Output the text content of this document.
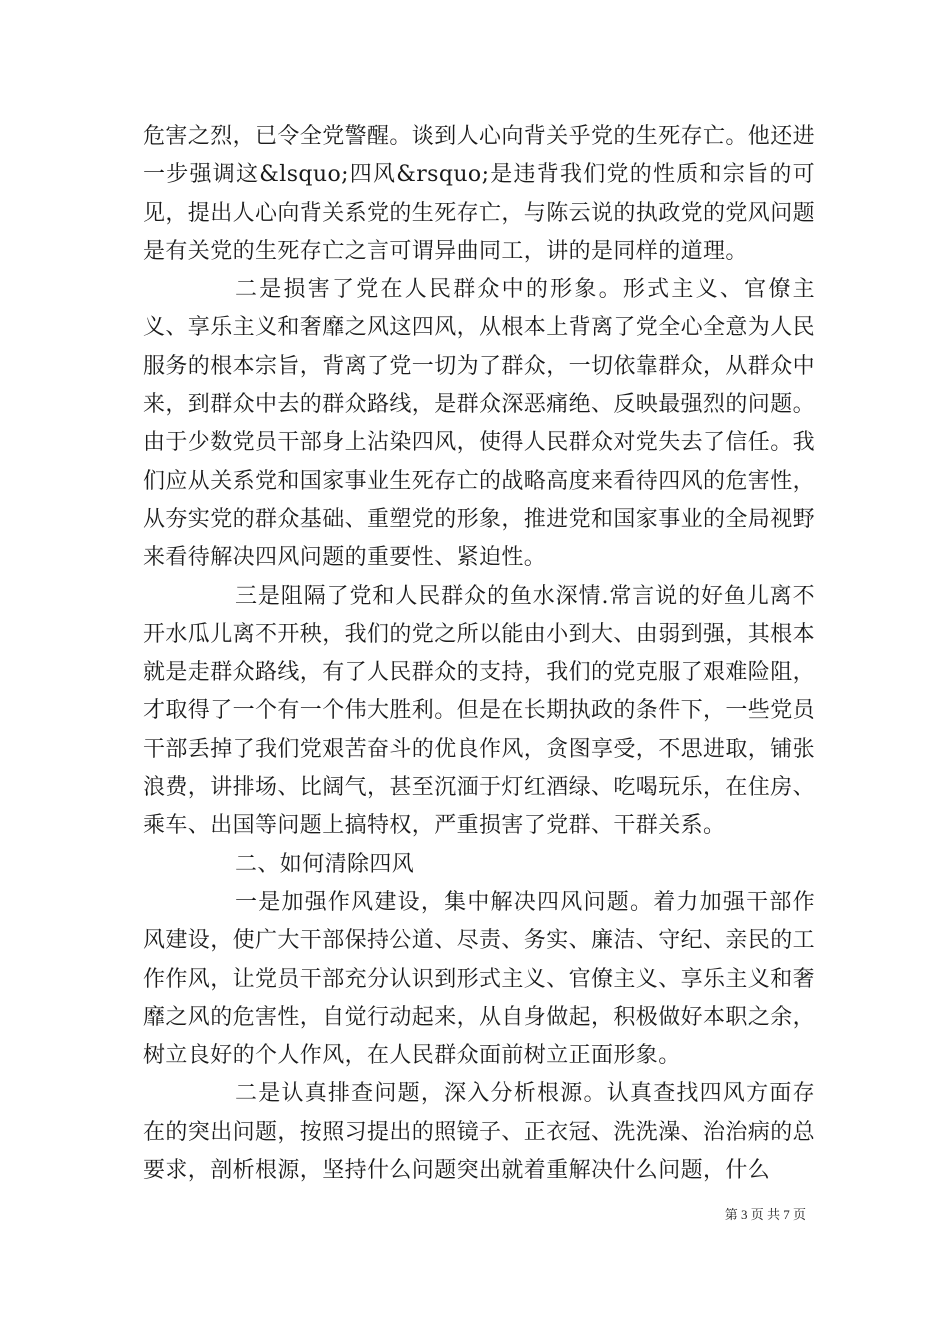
危害之烈，已令全党警醒。谈到人心向背关乎党的生死存亡。他还进一步强调这&lsquo;四风&rsquo;是违背我们党的性质和宗旨的可见，提出人心向背关系党的生死存亡，与陈云说的执政党的党风问题是有关党的生死存亡之言可谓异曲同工，讲的是同样的道理。

二是损害了党在人民群众中的形象。形式主义、官僚主义、享乐主义和奢靡之风这四风，从根本上背离了党全心全意为人民服务的根本宗旨，背离了党一切为了群众，一切依靠群众，从群众中来，到群众中去的群众路线，是群众深恶痛绝、反映最强烈的问题。由于少数党员干部身上沾染四风，使得人民群众对党失去了信任。我们应从关系党和国家事业生死存亡的战略高度来看待四风的危害性，从夯实党的群众基础、重塑党的形象，推进党和国家事业的全局视野来看待解决四风问题的重要性、紧迫性。

三是阻隔了党和人民群众的鱼水深情.常言说的好鱼儿离不开水瓜儿离不开秧，我们的党之所以能由小到大、由弱到强，其根本就是走群众路线，有了人民群众的支持，我们的党克服了艰难险阻，才取得了一个有一个伟大胜利。但是在长期执政的条件下，一些党员干部丢掉了我们党艰苦奋斗的优良作风，贪图享受，不思进取，铺张浪费，讲排场、比阔气，甚至沉湎于灯红酒绿、吃喝玩乐，在住房、乘车、出国等问题上搞特权，严重损害了党群、干群关系。

二、如何清除四风

一是加强作风建设，集中解决四风问题。着力加强干部作风建设，使广大干部保持公道、尽责、务实、廉洁、守纪、亲民的工作作风，让党员干部充分认识到形式主义、官僚主义、享乐主义和奢靡之风的危害性，自觉行动起来，从自身做起，积极做好本职之余，树立良好的个人作风，在人民群众面前树立正面形象。

二是认真排查问题，深入分析根源。认真查找四风方面存在的突出问题，按照习提出的照镜子、正衣冠、洗洗澡、治治病的总要求，剖析根源，坚持什么问题突出就着重解决什么问题，什么

第 3 页 共 7 页
